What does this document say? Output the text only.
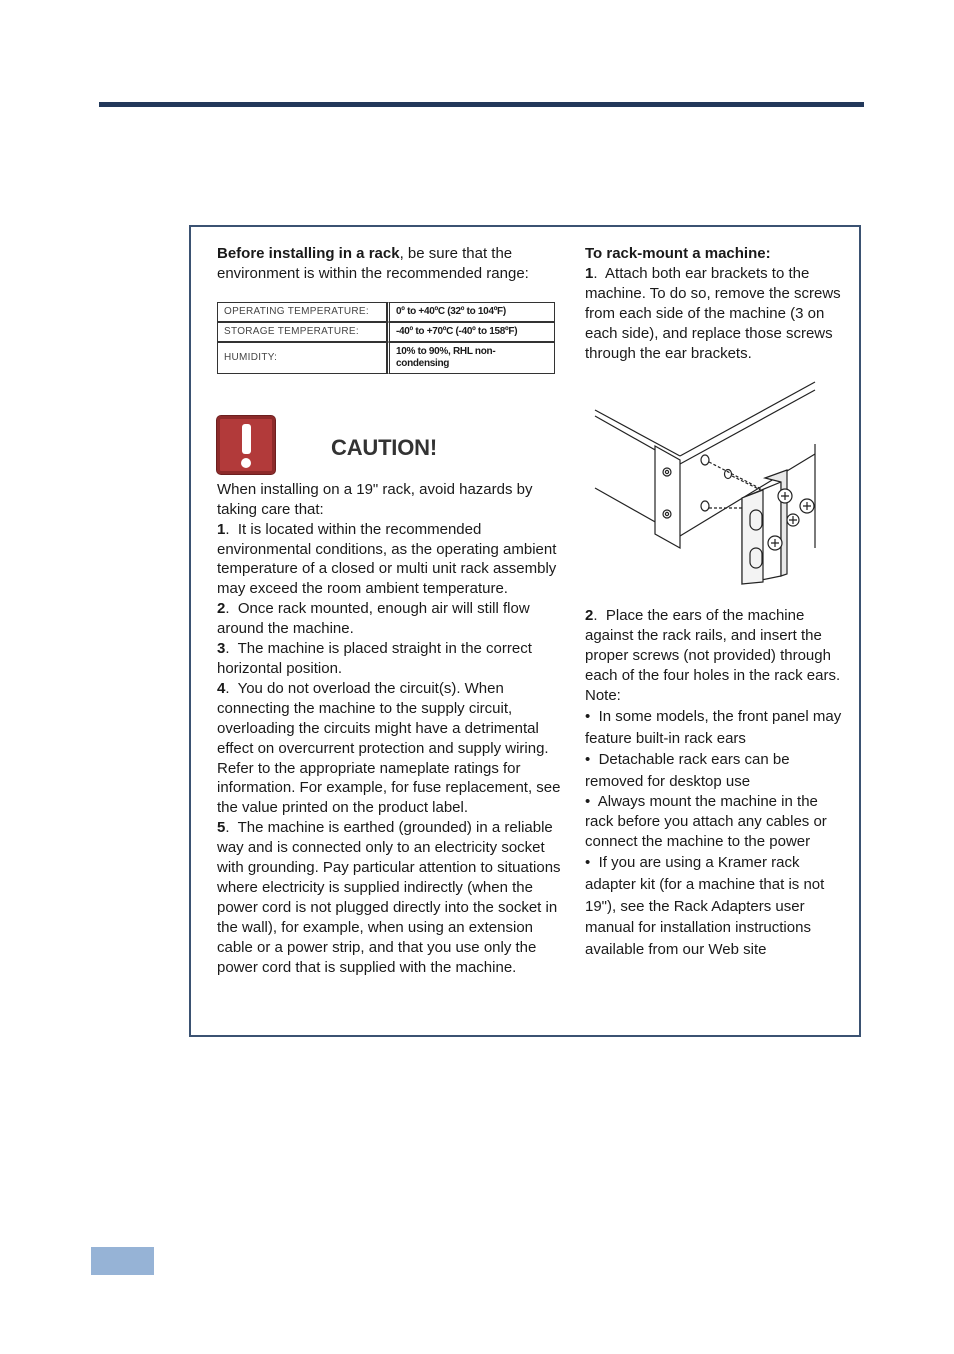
Before installing in a rack, be sure that the environment is within the recommended range:

OPERATING TEMPERATURE:	0º to +40ºC (32º to 104ºF)
STORAGE TEMPERATURE:	-40º to +70ºC (-40º to 158ºF)
HUMIDITY:	10% to 90%, RHL non-condensing
CAUTION!

When installing on a 19" rack, avoid hazards by taking care that:

1.  It is located within the recommended environmental conditions, as the operating ambient temperature of a closed or multi unit rack assembly may exceed the room ambient temperature.

2.  Once rack mounted, enough air will still flow around the machine.

3.  The machine is placed straight in the correct horizontal position.

4.  You do not overload the circuit(s). When connecting the machine to the supply circuit, overloading the circuits might have a detrimental effect on overcurrent protection and supply wiring. Refer to the appropriate nameplate ratings for information. For example, for fuse replacement, see the value printed on the product label.

5.  The machine is earthed (grounded) in a reliable way and is connected only to an electricity socket with grounding. Pay particular attention to situations where electricity is supplied indirectly (when the power cord is not plugged directly into the socket in the wall), for example, when using an extension cable or a power strip, and that you use only the power cord that is supplied with the machine.

To rack-mount a machine:

1.  Attach both ear brackets to the machine. To do so, remove the screws from each side of the machine (3 on each side), and replace those screws through the ear brackets.

2.  Place the ears of the machine against the rack rails, and insert the proper screws (not provided) through each of the four holes in the rack ears.

Note:

•  In some models, the front panel may feature built-in rack ears

•  Detachable rack ears can be removed for desktop use

•  Always mount the machine in the rack before you attach any cables or connect the machine to the power

•  If you are using a Kramer rack adapter kit (for a machine that is not 19"), see the Rack Adapters user manual for installation instructions available from our Web site
